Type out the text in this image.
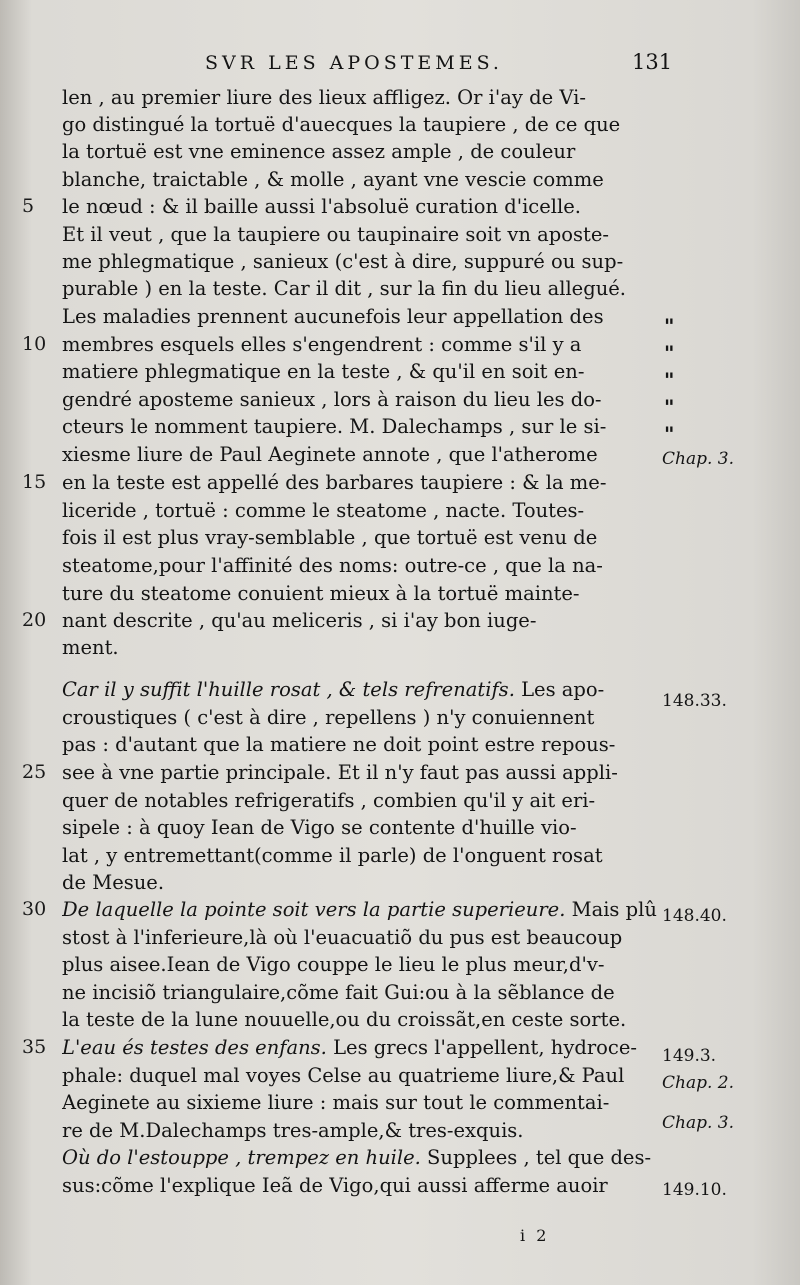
SVR LES APOSTEMES.	131
len , au premier liure des lieux affligez. Or i'ay de Vi-
go distingué la tortuë d'auecques la taupiere , de ce que
la tortuë est vne eminence assez ample , de couleur
blanche, traictable , & molle , ayant vne vescie comme
le nœud : & il baille aussi l'absoluë curation d'icelle.
5
Et il veut , que la taupiere ou taupinaire soit vn aposte-
me phlegmatique , sanieux (c'est à dire, suppuré ou sup-
purable ) en la teste. Car il dit , sur la fin du lieu allegué.
Les maladies prennent aucunefois leur appellation des
membres esquels elles s'engendrent : comme s'il y a
10
matiere phlegmatique en la teste , & qu'il en soit en-
gendré aposteme sanieux , lors à raison du lieu les do-
cteurs le nomment taupiere. M. Dalechamps , sur le si-
xiesme liure de Paul Aeginete annote , que l'atherome
en la teste est appellé des barbares taupiere : & la me-
15
liceride , tortuë : comme le steatome , nacte. Toutes-
fois il est plus vray-semblable , que tortuë est venu de
steatome,pour l'affinité des noms: outre-ce , que la na-
ture du steatome conuient mieux à la tortuë mainte-
nant descrite , qu'au meliceris , si i'ay bon iuge-
20
ment.
Car il y suffit l'huille rosat , & tels refrenatifs. Les apo-
croustiques ( c'est à dire , repellens ) n'y conuiennent
pas : d'autant que la matiere ne doit point estre repous-
see à vne partie principale. Et il n'y faut pas aussi appli-
25
quer de notables refrigeratifs , combien qu'il y ait eri-
sipele : à quoy Iean de Vigo se contente d'huille vio-
lat , y entremettant(comme il parle) de l'onguent rosat
de Mesue.
De laquelle la pointe soit vers la partie superieure. Mais plû
30
stost à l'inferieure,là où l'euacuatiõ du pus est beaucoup
plus aisee.Iean de Vigo couppe le lieu le plus meur,d'v-
ne incisiõ triangulaire,cõme fait Gui:ou à la sẽblance de
la teste de la lune nouuelle,ou du croissãt,en ceste sorte.
L'eau és testes des enfans. Les grecs l'appellent, hydroce-
35
phale: duquel mal voyes Celse au quatrieme liure,& Paul
Aeginete au sixieme liure : mais sur tout le commentai-
re de M.Dalechamps tres-ample,& tres-exquis.
Où do l'estouppe , trempez en huile. Supplees , tel que des-
sus:cõme l'explique Ieã de Vigo,qui aussi afferme auoir
"
"
"
"
"
Chap. 3.
148.33.
148.40.
149.3.
Chap. 2.
Chap. 3.
149.10.
i 2
